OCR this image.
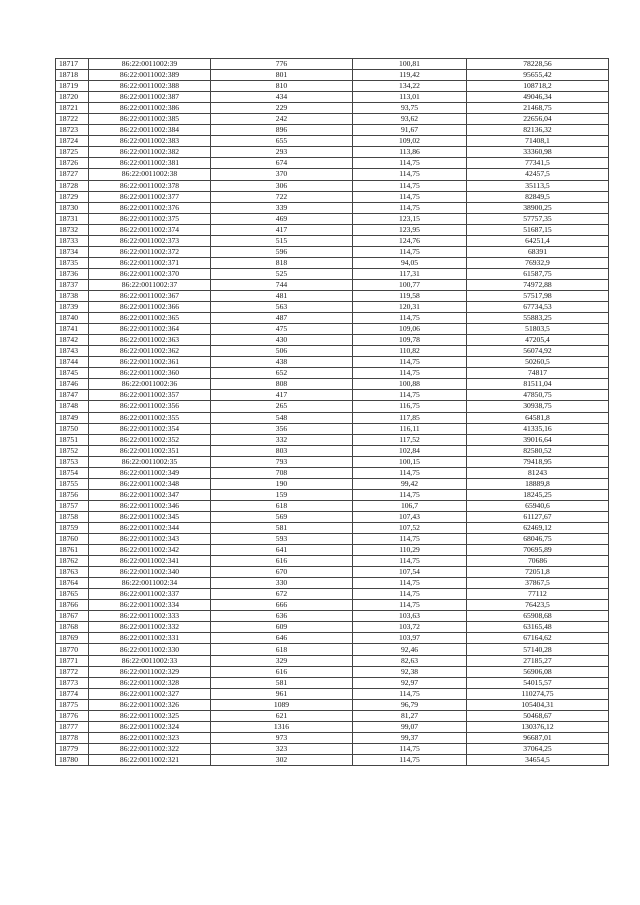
18717	86:22:0011002:39	776	100,81	78228,56
18718	86:22:0011002:389	801	119,42	95655,42
18719	86:22:0011002:388	810	134,22	108718,2
18720	86:22:0011002:387	434	113,01	49046,34
18721	86:22:0011002:386	229	93,75	21468,75
18722	86:22:0011002:385	242	93,62	22656,04
18723	86:22:0011002:384	896	91,67	82136,32
18724	86:22:0011002:383	655	109,02	71408,1
18725	86:22:0011002:382	293	113,86	33360,98
18726	86:22:0011002:381	674	114,75	77341,5
18727	86:22:0011002:38	370	114,75	42457,5
18728	86:22:0011002:378	306	114,75	35113,5
18729	86:22:0011002:377	722	114,75	82849,5
18730	86:22:0011002:376	339	114,75	38900,25
18731	86:22:0011002:375	469	123,15	57757,35
18732	86:22:0011002:374	417	123,95	51687,15
18733	86:22:0011002:373	515	124,76	64251,4
18734	86:22:0011002:372	596	114,75	68391
18735	86:22:0011002:371	818	94,05	76932,9
18736	86:22:0011002:370	525	117,31	61587,75
18737	86:22:0011002:37	744	100,77	74972,88
18738	86:22:0011002:367	481	119,58	57517,98
18739	86:22:0011002:366	563	120,31	67734,53
18740	86:22:0011002:365	487	114,75	55883,25
18741	86:22:0011002:364	475	109,06	51803,5
18742	86:22:0011002:363	430	109,78	47205,4
18743	86:22:0011002:362	506	110,82	56074,92
18744	86:22:0011002:361	438	114,75	50260,5
18745	86:22:0011002:360	652	114,75	74817
18746	86:22:0011002:36	808	100,88	81511,04
18747	86:22:0011002:357	417	114,75	47850,75
18748	86:22:0011002:356	265	116,75	30938,75
18749	86:22:0011002:355	548	117,85	64581,8
18750	86:22:0011002:354	356	116,11	41335,16
18751	86:22:0011002:352	332	117,52	39016,64
18752	86:22:0011002:351	803	102,84	82580,52
18753	86:22:0011002:35	793	100,15	79418,95
18754	86:22:0011002:349	708	114,75	81243
18755	86:22:0011002:348	190	99,42	18889,8
18756	86:22:0011002:347	159	114,75	18245,25
18757	86:22:0011002:346	618	106,7	65940,6
18758	86:22:0011002:345	569	107,43	61127,67
18759	86:22:0011002:344	581	107,52	62469,12
18760	86:22:0011002:343	593	114,75	68046,75
18761	86:22:0011002:342	641	110,29	70695,89
18762	86:22:0011002:341	616	114,75	70686
18763	86:22:0011002:340	670	107,54	72051,8
18764	86:22:0011002:34	330	114,75	37867,5
18765	86:22:0011002:337	672	114,75	77112
18766	86:22:0011002:334	666	114,75	76423,5
18767	86:22:0011002:333	636	103,63	65908,68
18768	86:22:0011002:332	609	103,72	63165,48
18769	86:22:0011002:331	646	103,97	67164,62
18770	86:22:0011002:330	618	92,46	57140,28
18771	86:22:0011002:33	329	82,63	27185,27
18772	86:22:0011002:329	616	92,38	56906,08
18773	86:22:0011002:328	581	92,97	54015,57
18774	86:22:0011002:327	961	114,75	110274,75
18775	86:22:0011002:326	1089	96,79	105404,31
18776	86:22:0011002:325	621	81,27	50468,67
18777	86:22:0011002:324	1316	99,07	130376,12
18778	86:22:0011002:323	973	99,37	96687,01
18779	86:22:0011002:322	323	114,75	37064,25
18780	86:22:0011002:321	302	114,75	34654,5
